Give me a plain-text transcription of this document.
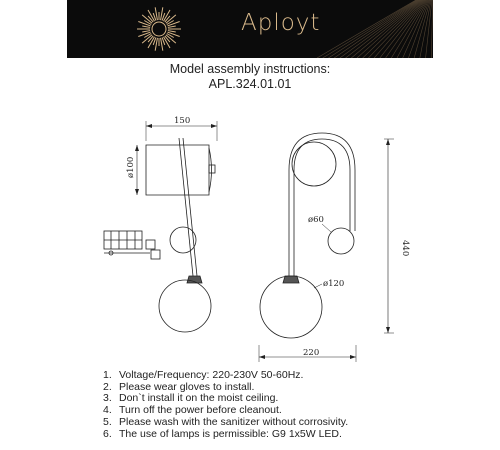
Aployt
Model assembly instructions:
APL.324.01.01
150
ø100
220
440
ø60
ø120
1. Voltage/Frequency: 220-230V 50-60Hz.
2. Please wear gloves to install.
3. Don`t install it on the moist ceiling.
4. Turn off the power before cleanout.
5. Please wash with the sanitizer without corrosivity.
6. The use of lamps is permissible: G9 1x5W LED.
